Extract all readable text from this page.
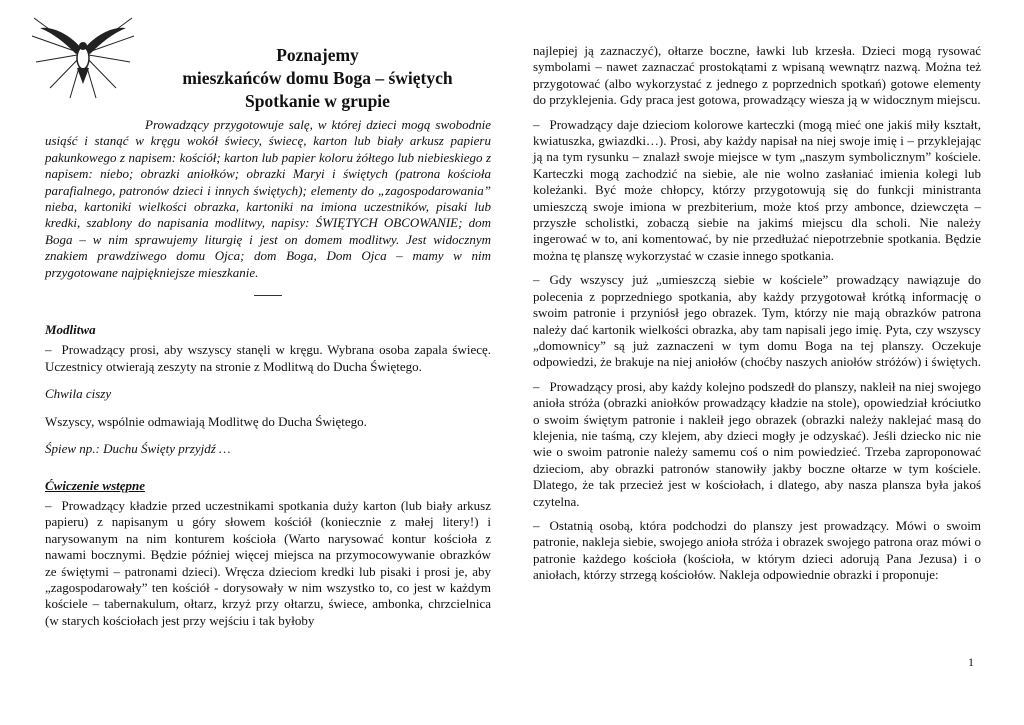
Poznajemy
mieszkańców domu Boga – świętych
Spotkanie w grupie

Prowadzący przygotowuje salę, w której dzieci mogą swobodnie usiąść i stanąć w kręgu wokół świecy, świecę, karton lub biały arkusz papieru pakunkowego z napisem: kościół; karton lub papier koloru żółtego lub niebieskiego z napisem: niebo; obrazki aniołków; obrazki Maryi i świętych (patrona kościoła parafialnego, patronów dzieci i innych świętych); elementy do „zagospodarowania” nieba, kartoniki wielkości obrazka, kartoniki na imiona uczestników, pisaki lub kredki, szablony do napisania modlitwy, napisy: ŚWIĘTYCH OBCOWANIE; dom Boga – w nim sprawujemy liturgię i jest on domem modlitwy. Jest widocznym znakiem prawdziwego domu Ojca; dom Boga, Dom Ojca – mamy w nim przygotowane najpiękniejsze mieszkanie.

Modlitwa

– Prowadzący prosi, aby wszyscy stanęli w kręgu. Wybrana osoba zapala świecę. Uczestnicy otwierają zeszyty na stronie z Modlitwą do Ducha Świętego.

Chwila ciszy

Wszyscy, wspólnie odmawiają Modlitwę do Ducha Świętego.

Śpiew np.: Duchu Święty przyjdź …

Ćwiczenie wstępne

– Prowadzący kładzie przed uczestnikami spotkania duży karton (lub biały arkusz papieru) z napisanym u góry słowem kościół (koniecznie z małej litery!) i narysowanym na nim konturem kościoła (Warto narysować kontur kościoła z nawami bocznymi. Będzie później więcej miejsca na przymocowywanie obrazków ze świętymi – patronami dzieci). Wręcza dzieciom kredki lub pisaki i prosi je, aby „zagospodarowały” ten kościół - dorysowały w nim wszystko to, co jest w każdym kościele – tabernakulum, ołtarz, krzyż przy ołtarzu, świece, ambonka, chrzcielnica (w starych kościołach jest przy wejściu i tak byłoby

najlepiej ją zaznaczyć), ołtarze boczne, ławki lub krzesła. Dzieci mogą rysować symbolami – nawet zaznaczać prostokątami z wpisaną wewnątrz nazwą. Można też przygotować (albo wykorzystać z jednego z poprzednich spotkań) gotowe elementy do przyklejenia. Gdy praca jest gotowa, prowadzący wiesza ją w widocznym miejscu.

– Prowadzący daje dzieciom kolorowe karteczki (mogą mieć one jakiś miły kształt, kwiatuszka, gwiazdki…). Prosi, aby każdy napisał na niej swoje imię i – przyklejając ją na tym rysunku – znalazł swoje miejsce w tym „naszym symbolicznym” kościele. Karteczki mogą zachodzić na siebie, ale nie wolno zasłaniać imienia kolegi lub koleżanki. Być może chłopcy, którzy przygotowują się do funkcji ministranta umieszczą swoje imiona w prezbiterium, może ktoś przy ambonce, dziewczęta – przyszłe scholistki, zobaczą siebie na jakimś miejscu dla scholi. Nie należy ingerować w to, ani komentować, by nie przedłużać niepotrzebnie spotkania. Będzie można tę planszę wykorzystać w czasie innego spotkania.

– Gdy wszyscy już „umieszczą siebie w kościele” prowadzący nawiązuje do polecenia z poprzedniego spotkania, aby każdy przygotował krótką informację o swoim patronie i przyniósł jego obrazek. Tym, którzy nie mają obrazków patrona należy dać kartonik wielkości obrazka, aby tam napisali jego imię. Pyta, czy wszyscy „domownicy” są już zaznaczeni w tym domu Boga na tej planszy. Oczekuje odpowiedzi, że brakuje na niej aniołów (choćby naszych aniołów stróżów) i świętych.

– Prowadzący prosi, aby każdy kolejno podszedł do planszy, nakleił na niej swojego anioła stróża (obrazki aniołków prowadzący kładzie na stole), opowiedział króciutko o swoim świętym patronie i nakleił jego obrazek (obrazki należy naklejać masą do klejenia, nie taśmą, czy klejem, aby dzieci mogły je odzyskać). Jeśli dziecko nic nie wie o swoim patronie należy samemu coś o nim powiedzieć. Trzeba zaproponować dzieciom, aby obrazki patronów stanowiły jakby boczne ołtarze w tym kościele. Dlatego, że tak przecież jest w kościołach, i dlatego, aby nasza plansza była jakoś czytelna.

– Ostatnią osobą, która podchodzi do planszy jest prowadzący. Mówi o swoim patronie, nakleja siebie, swojego anioła stróża i obrazek swojego patrona oraz mówi o patronie każdego kościoła (kościoła, w którym dzieci adorują Pana Jezusa) i o aniołach, którzy strzegą kościołów. Nakleja odpowiednie obrazki i proponuje:

1
